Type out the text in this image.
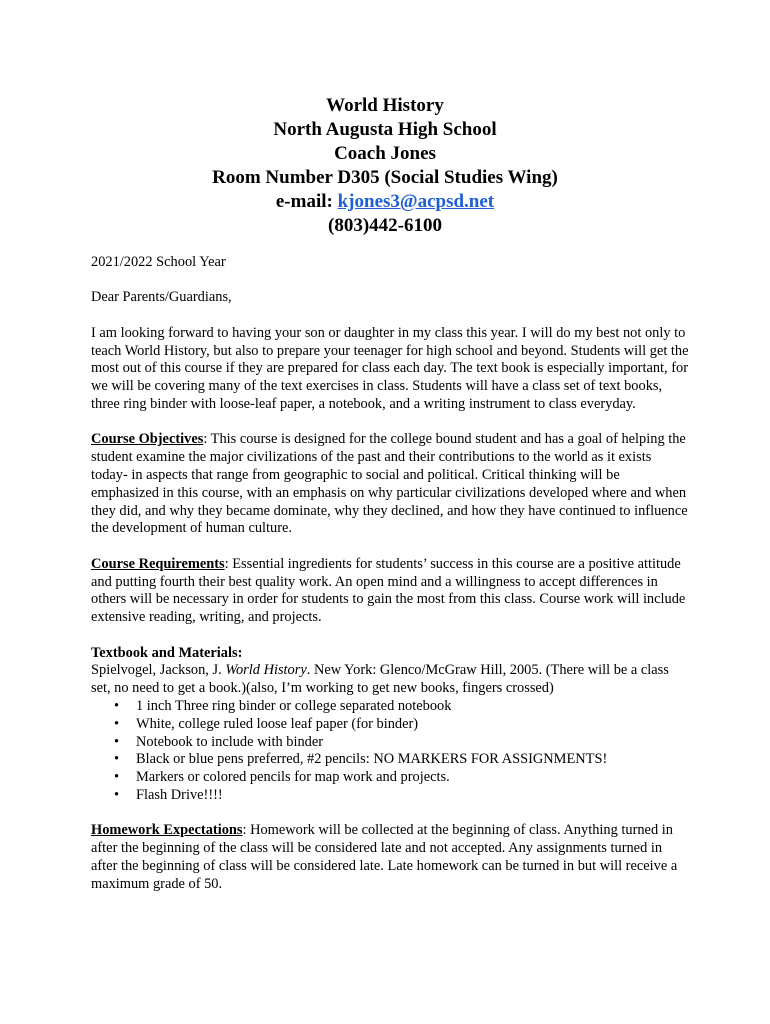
World History
North Augusta High School
Coach Jones
Room Number D305 (Social Studies Wing)
e-mail: kjones3@acpsd.net
(803)442-6100

2021/2022 School Year

Dear Parents/Guardians,

I am looking forward to having your son or daughter in my class this year. I will do my best not only to teach World History, but also to prepare your teenager for high school and beyond. Students will get the most out of this course if they are prepared for class each day. The text book is especially important, for we will be covering many of the text exercises in class. Students will have a class set of text books, three ring binder with loose-leaf paper, a notebook, and a writing instrument to class everyday.

Course Objectives: This course is designed for the college bound student and has a goal of helping the student examine the major civilizations of the past and their contributions to the world as it exists today- in aspects that range from geographic to social and political. Critical thinking will be emphasized in this course, with an emphasis on why particular civilizations developed where and when they did, and why they became dominate, why they declined, and how they have continued to influence the development of human culture.

Course Requirements: Essential ingredients for students’ success in this course are a positive attitude and putting fourth their best quality work. An open mind and a willingness to accept differences in others will be necessary in order for students to gain the most from this class. Course work will include extensive reading, writing, and projects.

Textbook and Materials:

Spielvogel, Jackson, J. World History. New York: Glenco/McGraw Hill, 2005. (There will be a class set, no need to get a book.)(also, I’m working to get new books, fingers crossed)

• 1 inch Three ring binder or college separated notebook
• White, college ruled loose leaf paper (for binder)
• Notebook to include with binder
• Black or blue pens preferred, #2 pencils: NO MARKERS FOR ASSIGNMENTS!
• Markers or colored pencils for map work and projects.
• Flash Drive!!!!

Homework Expectations: Homework will be collected at the beginning of class. Anything turned in after the beginning of the class will be considered late and not accepted. Any assignments turned in after the beginning of class will be considered late. Late homework can be turned in but will receive a maximum grade of 50.
